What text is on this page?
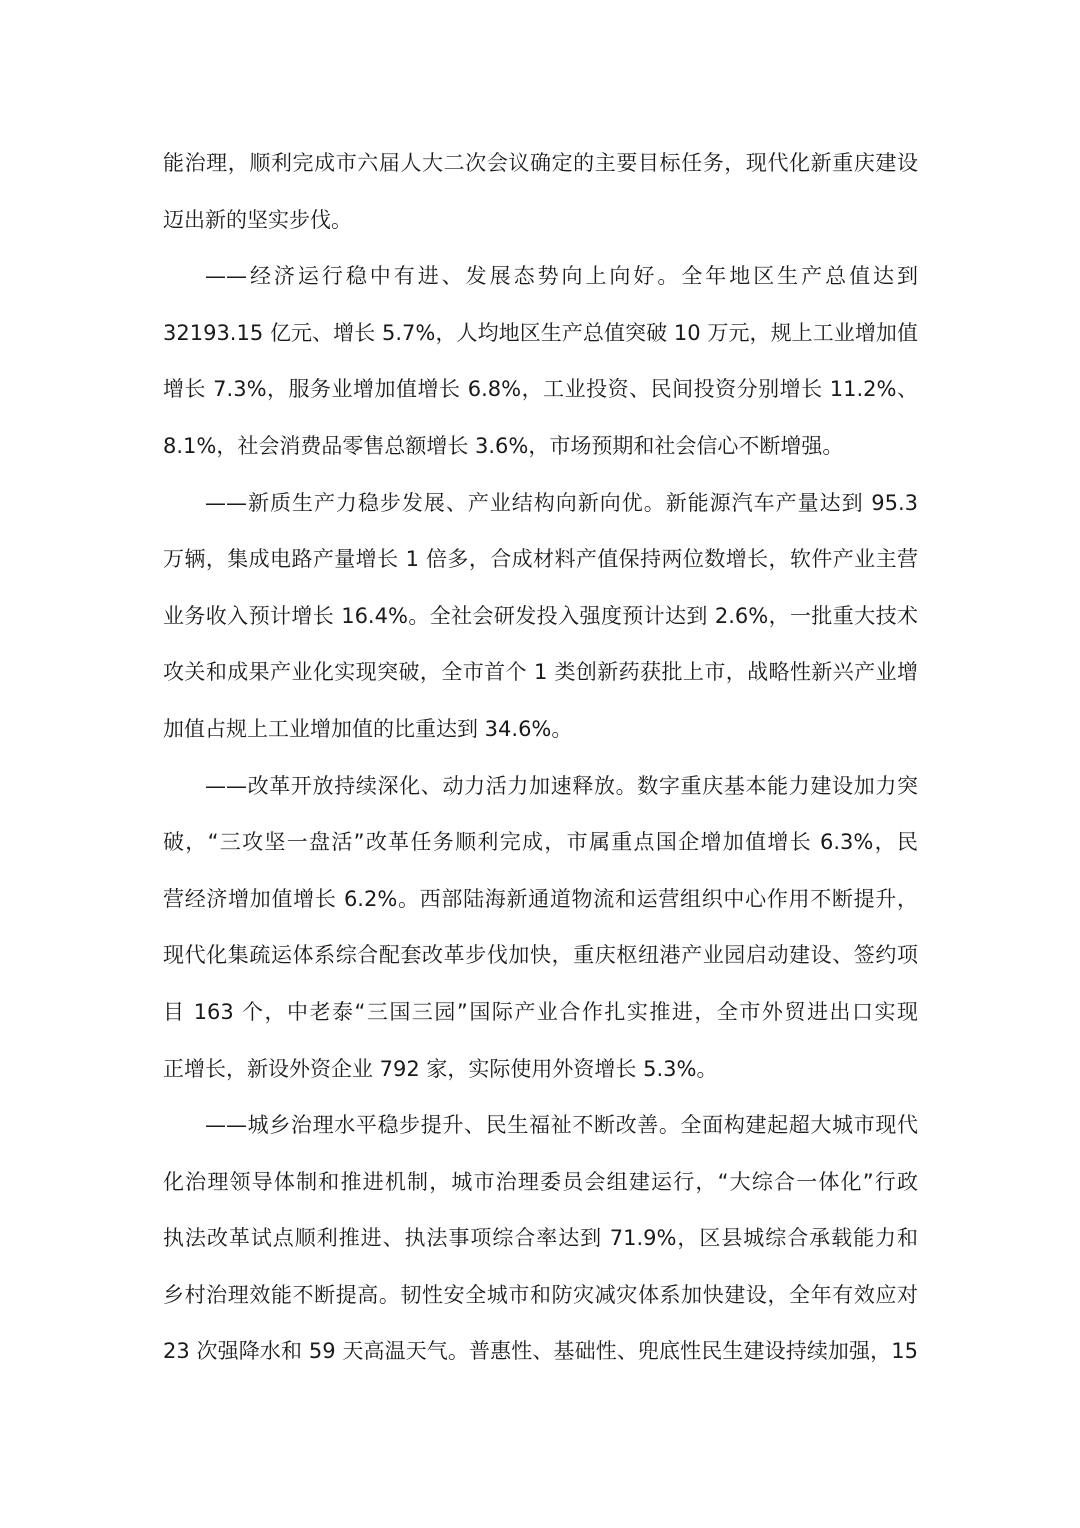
能治理，顺利完成市六届人大二次会议确定的主要目标任务，现代化新重庆建设
迈出新的坚实步伐。
——经济运行稳中有进、发展态势向上向好。全年地区生产总值达到
32193.15 亿元、增长 5.7%，人均地区生产总值突破 10 万元，规上工业增加值
增长 7.3%，服务业增加值增长 6.8%，工业投资、民间投资分别增长 11.2%、
8.1%，社会消费品零售总额增长 3.6%，市场预期和社会信心不断增强。
——新质生产力稳步发展、产业结构向新向优。新能源汽车产量达到 95.3
万辆，集成电路产量增长 1 倍多，合成材料产值保持两位数增长，软件产业主营
业务收入预计增长 16.4%。全社会研发投入强度预计达到 2.6%，一批重大技术
攻关和成果产业化实现突破，全市首个 1 类创新药获批上市，战略性新兴产业增
加值占规上工业增加值的比重达到 34.6%。
——改革开放持续深化、动力活力加速释放。数字重庆基本能力建设加力突
破，“三攻坚一盘活”改革任务顺利完成，市属重点国企增加值增长 6.3%，民
营经济增加值增长 6.2%。西部陆海新通道物流和运营组织中心作用不断提升，
现代化集疏运体系综合配套改革步伐加快，重庆枢纽港产业园启动建设、签约项
目 163 个，中老泰“三国三园”国际产业合作扎实推进，全市外贸进出口实现
正增长，新设外资企业 792 家，实际使用外资增长 5.3%。
——城乡治理水平稳步提升、民生福祉不断改善。全面构建起超大城市现代
化治理领导体制和推进机制，城市治理委员会组建运行，“大综合一体化”行政
执法改革试点顺利推进、执法事项综合率达到 71.9%，区县城综合承载能力和
乡村治理效能不断提高。韧性安全城市和防灾减灾体系加快建设，全年有效应对
23 次强降水和 59 天高温天气。普惠性、基础性、兜底性民生建设持续加强，15
